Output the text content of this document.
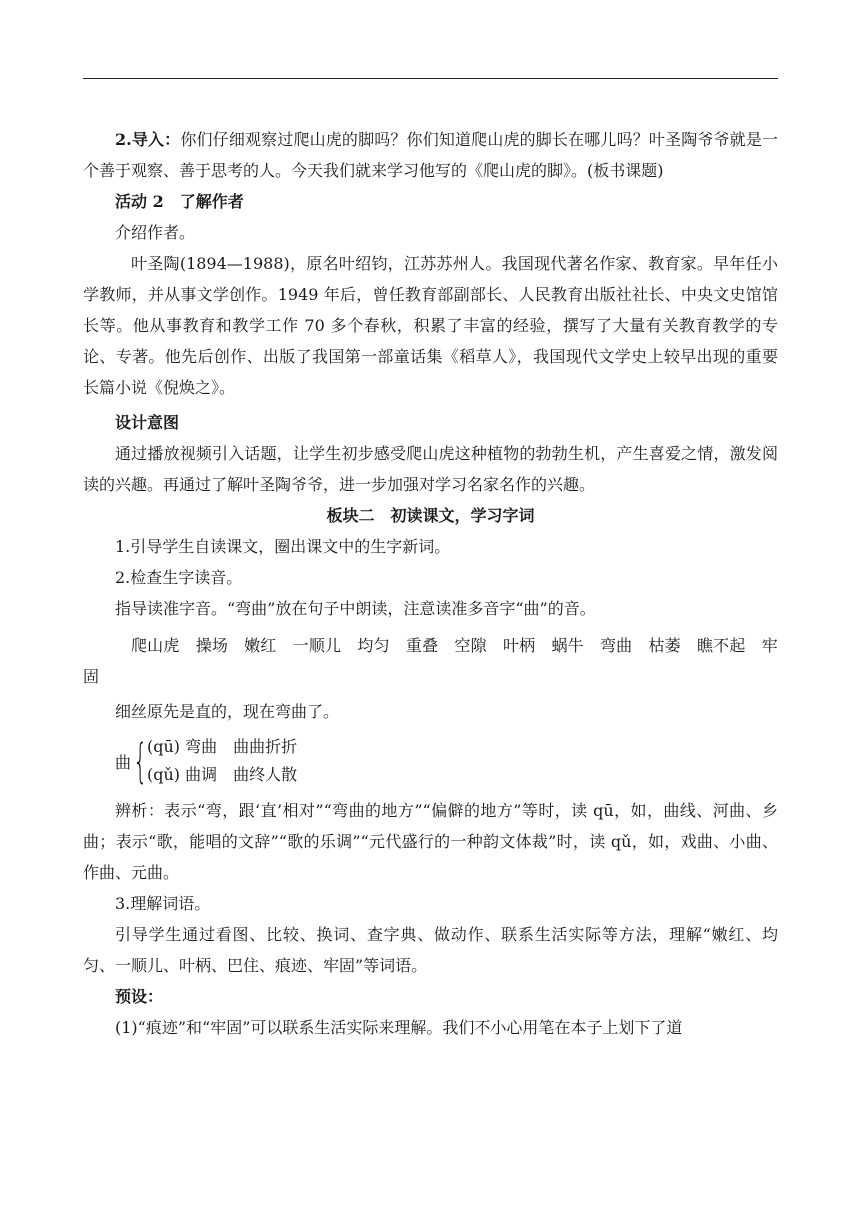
2.导入：你们仔细观察过爬山虎的脚吗？你们知道爬山虎的脚长在哪儿吗？叶圣陶爷爷就是一个善于观察、善于思考的人。今天我们就来学习他写的《爬山虎的脚》。(板书课题)

活动 2　了解作者

介绍作者。

叶圣陶(1894—1988)，原名叶绍钧，江苏苏州人。我国现代著名作家、教育家。早年任小学教师，并从事文学创作。1949 年后，曾任教育部副部长、人民教育出版社社长、中央文史馆馆长等。他从事教育和教学工作 70 多个春秋，积累了丰富的经验，撰写了大量有关教育教学的专论、专著。他先后创作、出版了我国第一部童话集《稻草人》，我国现代文学史上较早出现的重要长篇小说《倪焕之》。

设计意图

通过播放视频引入话题，让学生初步感受爬山虎这种植物的勃勃生机，产生喜爱之情，激发阅读的兴趣。再通过了解叶圣陶爷爷，进一步加强对学习名家名作的兴趣。

板块二　初读课文，学习字词

1.引导学生自读课文，圈出课文中的生字新词。

2.检查生字读音。

指导读准字音。“弯曲”放在句子中朗读，注意读准多音字“曲”的音。

爬山虎　 操场　 嫩红　 一顺儿　 均匀　 重叠　 空隙　 叶柄　 蜗牛　 弯曲　 枯萎　 瞧不起　 牢固

细丝原先是直的，现在弯曲了。

曲 { (qū) 弯曲　曲曲折折
(qǔ) 曲调　曲终人散

辨析：表示“弯，跟‘直’相对”“弯曲的地方”“偏僻的地方”等时，读 qū，如，曲线、河曲、乡曲；表示“歌，能唱的文辞”“歌的乐调”“元代盛行的一种韵文体裁”时，读 qǔ，如，戏曲、小曲、作曲、元曲。

3.理解词语。

引导学生通过看图、比较、换词、查字典、做动作、联系生活实际等方法，理解“嫩红、均匀、一顺儿、叶柄、巴住、痕迹、牢固”等词语。

预设：

(1)“痕迹”和“牢固”可以联系生活实际来理解。我们不小心用笔在本子上划下了道
